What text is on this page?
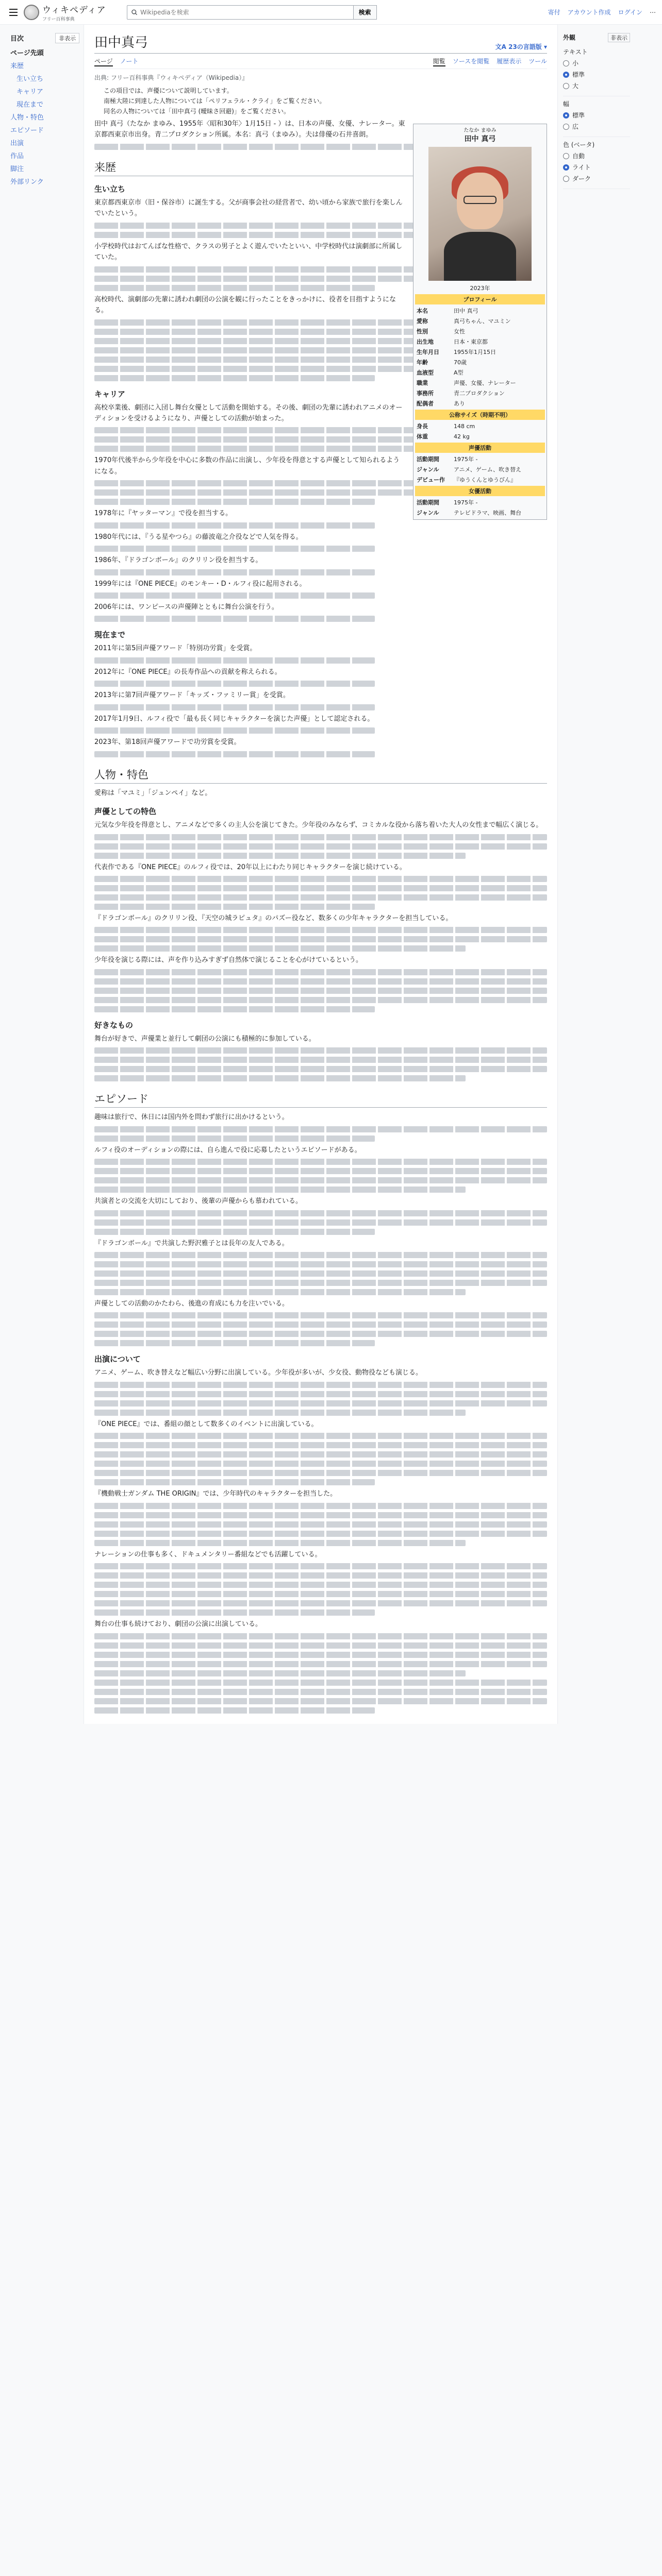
ウィキペディア
フリー百科事典
Wikipediaを検索
検索	寄付 アカウント作成 ログイン ⋯
目次	非表示
ページ先頭
来歴
生い立ち
キャリア
現在まで
人物・特色
エピソード
出演
作品
脚注
外部リンク
田中真弓	文A 23の言語版 ▾
ページ ノート	閲覧 ソースを閲覧 履歴表示 ツール
出典: フリー百科事典『ウィキペディア（Wikipedia）』
この項目では、声優について説明しています。
南極大陸に到達した人物については「ペリフェラル・クライ」をご覧ください。
同名の人物については「田中真弓 (曖昧さ回避)」をご覧ください。
たなか まゆみ
田中 真弓
2023年
プロフィール
本名	田中 真弓
愛称	真弓ちゃん、マユミン
性別	女性
出生地	日本・東京都
生年月日	1955年1月15日
年齢	70歳
血液型	A型
職業	声優、女優、ナレーター
事務所	青二プロダクション
配偶者	あり
公称サイズ（時期不明）
身長	148 cm
体重	42 kg
声優活動
活動期間	1975年 -
ジャンル	アニメ、ゲーム、吹き替え
デビュー作	『ゆうくんとゆうびん』
女優活動
活動期間	1975年 -
ジャンル	テレビドラマ、映画、舞台

田中 真弓（たなか まゆみ、1955年〈昭和30年〉1月15日 - ）は、日本の声優、女優、ナレーター。東京都西東京市出身。青二プロダクション所属。本名：真弓（まゆみ）。夫は俳優の石井喜朗。

来歴
生い立ち

東京都西東京市（旧・保谷市）に誕生する。父が商事会社の経営者で、幼い頃から家族で旅行を楽しんでいたという。

小学校時代はおてんばな性格で、クラスの男子とよく遊んでいたといい、中学校時代は演劇部に所属していた。

高校時代、演劇部の先輩に誘われ劇団の公演を観に行ったことをきっかけに、役者を目指すようになる。

キャリア

高校卒業後、劇団に入団し舞台女優として活動を開始する。その後、劇団の先輩に誘われアニメのオーディションを受けるようになり、声優としての活動が始まった。

1970年代後半から少年役を中心に多数の作品に出演し、少年役を得意とする声優として知られるようになる。

1978年に『ヤッターマン』で役を担当する。

1980年代には、『うる星やつら』の藤波竜之介役などで人気を得る。

1986年、『ドラゴンボール』のクリリン役を担当する。

1999年には『ONE PIECE』のモンキー・D・ルフィ役に起用される。

2006年には、ワンピースの声優陣とともに舞台公演を行う。

現在まで

2011年に第5回声優アワード「特別功労賞」を受賞。

2012年に『ONE PIECE』の長寿作品への貢献を称えられる。

2013年に第7回声優アワード「キッズ・ファミリー賞」を受賞。

2017年1月9日、ルフィ役で「最も長く同じキャラクターを演じた声優」として認定される。

2023年、第18回声優アワードで功労賞を受賞。

人物・特色

愛称は「マユミ」「ジュンペイ」など。

声優としての特色

元気な少年役を得意とし、アニメなどで多くの主人公を演じてきた。少年役のみならず、コミカルな役から落ち着いた大人の女性まで幅広く演じる。

代表作である『ONE PIECE』のルフィ役では、20年以上にわたり同じキャラクターを演じ続けている。

『ドラゴンボール』のクリリン役、『天空の城ラピュタ』のパズー役など、数多くの少年キャラクターを担当している。

少年役を演じる際には、声を作り込みすぎず自然体で演じることを心がけているという。

好きなもの

舞台が好きで、声優業と並行して劇団の公演にも積極的に参加している。

エピソード

趣味は旅行で、休日には国内外を問わず旅行に出かけるという。

ルフィ役のオーディションの際には、自ら進んで役に応募したというエピソードがある。

共演者との交流を大切にしており、後輩の声優からも慕われている。

『ドラゴンボール』で共演した野沢雅子とは長年の友人である。

声優としての活動のかたわら、後進の育成にも力を注いでいる。

出演について

アニメ、ゲーム、吹き替えなど幅広い分野に出演している。少年役が多いが、少女役、動物役なども演じる。

『ONE PIECE』では、番組の顔として数多くのイベントに出演している。

『機動戦士ガンダム THE ORIGIN』では、少年時代のキャラクターを担当した。

ナレーションの仕事も多く、ドキュメンタリー番組などでも活躍している。

舞台の仕事も続けており、劇団の公演に出演している。

外観	非表示
テキスト
小
標準
大
幅
標準
広
色 (ベータ)
自動
ライト
ダーク
